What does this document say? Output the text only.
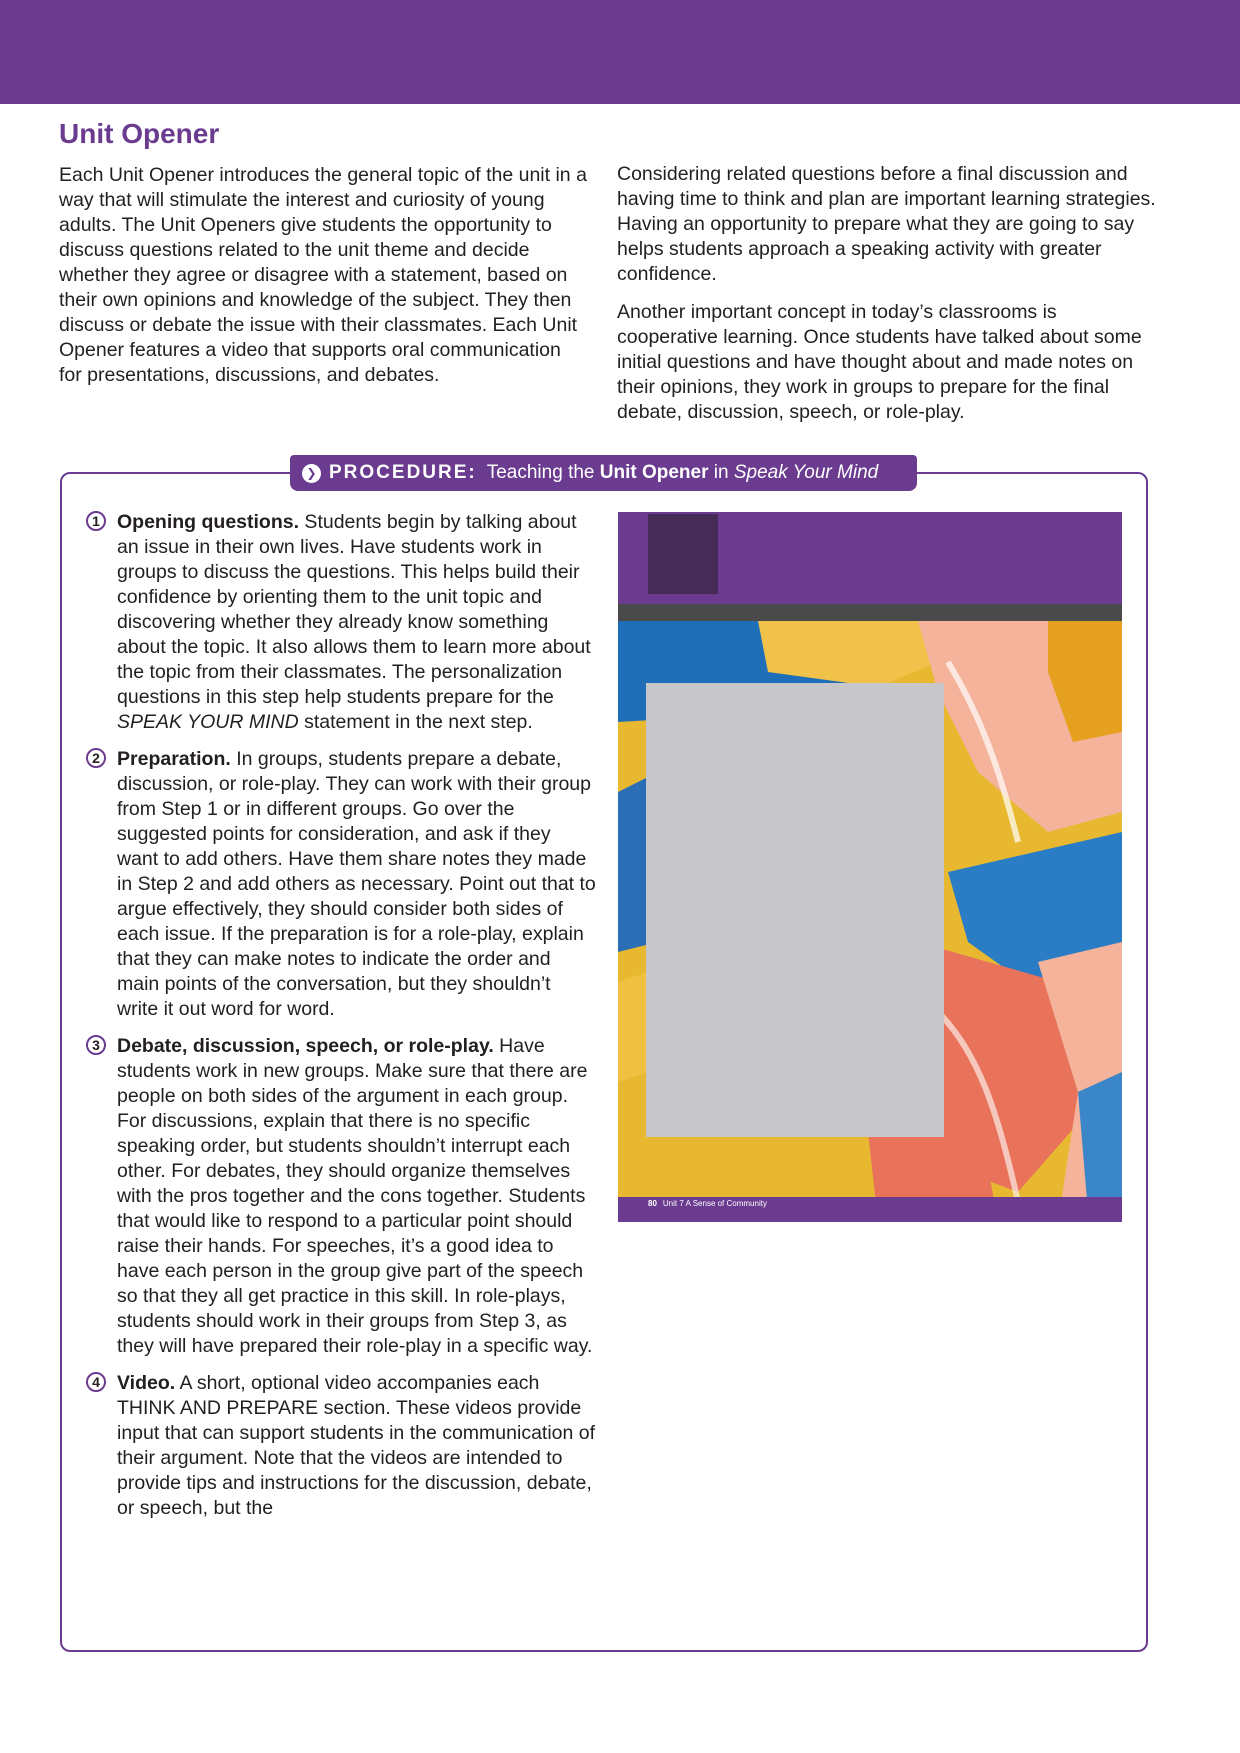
Unit Opener

Each Unit Opener introduces the general topic of the unit in a way that will stimulate the interest and curiosity of young adults. The Unit Openers give students the opportunity to discuss questions related to the unit theme and decide whether they agree or disagree with a statement, based on their own opinions and knowledge of the subject. They then discuss or debate the issue with their classmates. Each Unit Opener features a video that supports oral communication for presentations, discussions, and debates.

Considering related questions before a final discussion and having time to think and plan are important learning strategies. Having an opportunity to prepare what they are going to say helps students approach a speaking activity with greater confidence.

Another important concept in today’s classrooms is cooperative learning. Once students have talked about some initial questions and have thought about and made notes on their opinions, they work in groups to prepare for the final debate, discussion, speech, or role-play.

❯ PROCEDURE: Teaching the
Unit Opener
in
Speak Your Mind
1 Opening questions. Students begin by talking about an issue in their own lives. Have students work in groups to discuss the questions. This helps build their confidence by orienting them to the unit topic and discovering whether they already know something about the topic. It also allows them to learn more about the topic from their classmates. The personalization questions in this step help students prepare for the SPEAK YOUR MIND statement in the next step.
2 Preparation. In groups, students prepare a debate, discussion, or role-play. They can work with their group from Step 1 or in different groups. Go over the suggested points for consideration, and ask if they want to add others. Have them share notes they made in Step 2 and add others as necessary. Point out that to argue effectively, they should consider both sides of each issue. If the preparation is for a role-play, explain that they can make notes to indicate the order and main points of the conversation, but they shouldn’t write it out word for word.
3 Debate, discussion, speech, or role-play. Have students work in new groups. Make sure that there are people on both sides of the argument in each group. For discussions, explain that there is no specific speaking order, but students shouldn’t interrupt each other. For debates, they should organize themselves with the pros together and the cons together. Students that would like to respond to a particular point should raise their hands. For speeches, it’s a good idea to have each person in the group give part of the speech so that they all get practice in this skill. In role-plays, students should work in their groups from Step 3, as they will have prepared their role-play in a specific way.
4 Video. A short, optional video accompanies each THINK AND PREPARE section. These videos provide input that can support students in the communication of their argument. Note that the videos are intended to provide tips and instructions for the discussion, debate, or speech, but the
80 Unit 7 A Sense of Community
